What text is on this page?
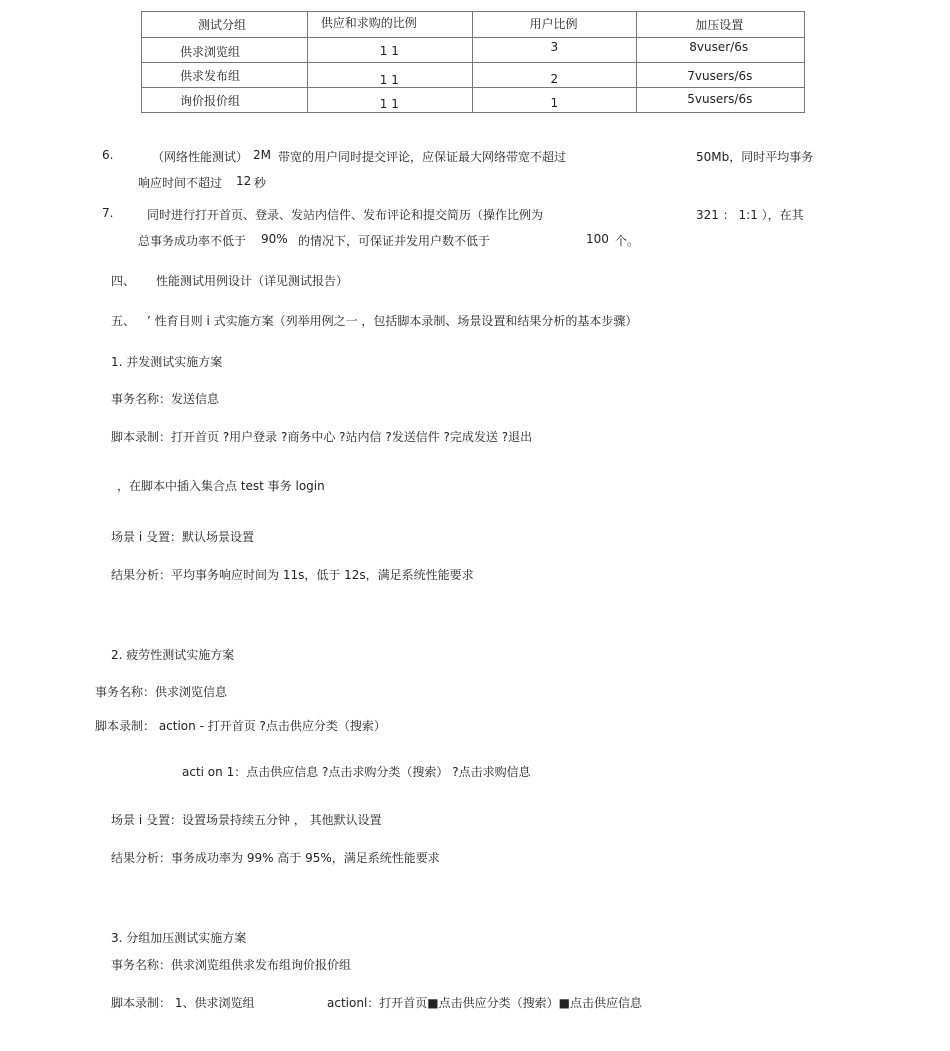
测试分组	供应和求购的比例	用户比例	加压设置

供求浏览组	1 1	3	8vuser/6s

供求发布组	1 1	2	7vusers/6s

询价报价组	1 1	1	5vusers/6s
6.	（网络性能测试） 2M 带宽的用户同时提交评论，应保证最大网络带宽不超过	50Mb，同时平均事务
响应时间不超过 12 秒
7.	同时进行打开首页、登录、发站内信件、发布评论和提交简历（操作比例为	321 ： 1:1 ），在其
总事务成功率不低于 90% 的情况下，可保证并发用户数不低于	100 个。
四、 性能测试用例设计（详见测试报告）
五、 ’ 性育目则 i 式实施方案（列举用例之一 ，包括脚本录制、场景设置和结果分析的基本步骤）
1. 并发测试实施方案
事务名称：发送信息
脚本录制：打开首页 ?用户登录 ?商务中心 ?站内信 ?发送信件 ?完成发送 ?退出
，在脚本中插入集合点 test 事务 login
场景 i 殳置：默认场景设置
结果分析：平均事务响应时间为 11s，低于 12s，满足系统性能要求
2. 疲劳性测试实施方案
事务名称：供求浏览信息
脚本录制： action - 打开首页 ?点击供应分类（搜索）
acti on 1：点击供应信息 ?点击求购分类（搜索） ?点击求购信息
场景 i 殳置：设置场景持续五分钟 ， 其他默认设置
结果分析：事务成功率为 99% 高于 95%，满足系统性能要求
3. 分组加压测试实施方案
事务名称：供求浏览组供求发布组询价报价组
脚本录制： 1、供求浏览组	actionl：打开首页■点击供应分类（搜索）■点击供应信息
